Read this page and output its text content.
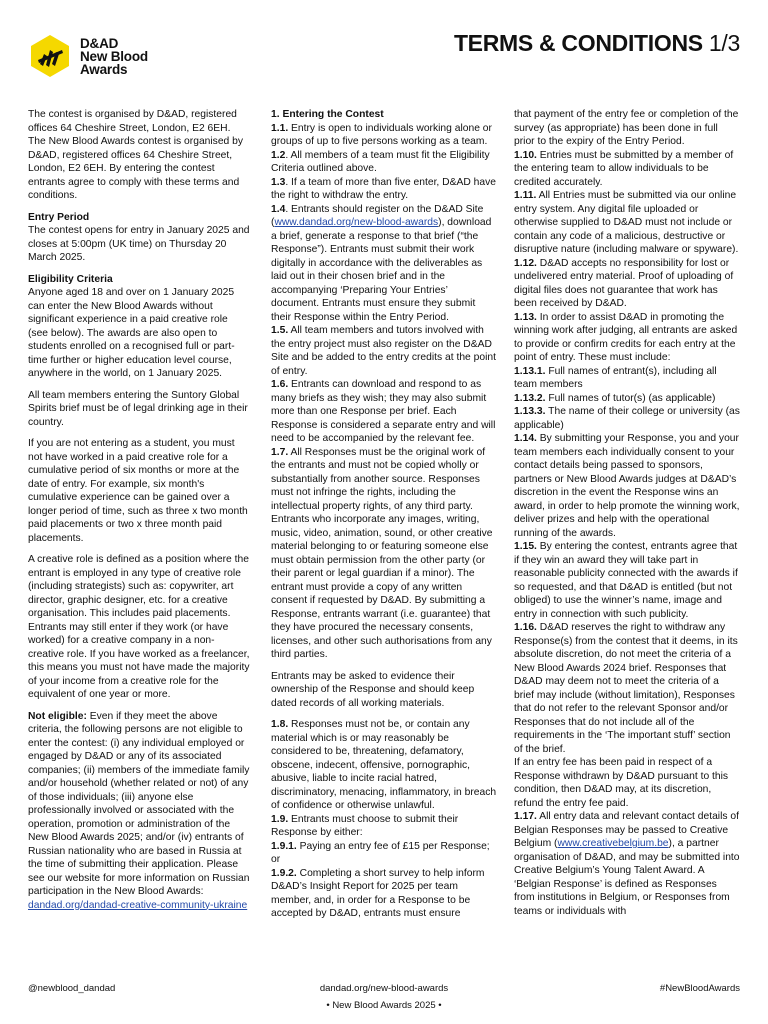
D&AD
New Blood
Awards
TERMS & CONDITIONS 1/3

The contest is organised by D&AD, registered offices 64 Cheshire Street, London, E2 6EH. The New Blood Awards contest is organised by D&AD, registered offices 64 Cheshire Street, London, E2 6EH. By entering the contest entrants agree to comply with these terms and conditions.

Entry Period

The contest opens for entry in January 2025 and closes at 5:00pm (UK time) on Thursday 20 March 2025.

Eligibility Criteria

Anyone aged 18 and over on 1 January 2025 can enter the New Blood Awards without significant experience in a paid creative role (see below). The awards are also open to students enrolled on a recognised full or part-time further or higher education level course, anywhere in the world, on 1 January 2025.

All team members entering the Suntory Global Spirits brief must be of legal drinking age in their country.

If you are not entering as a student, you must not have worked in a paid creative role for a cumulative period of six months or more at the date of entry. For example, six month's cumulative experience can be gained over a longer period of time, such as three x two month paid placements or two x three month paid placements.

A creative role is defined as a position where the entrant is employed in any type of creative role (including strategists) such as: copywriter, art director, graphic designer, etc. for a creative organisation. This includes paid placements. Entrants may still enter if they work (or have worked) for a creative company in a non-creative role. If you have worked as a freelancer, this means you must not have made the majority of your income from a creative role for the equivalent of one year or more.

Not eligible: Even if they meet the above criteria, the following persons are not eligible to enter the contest: (i) any individual employed or engaged by D&AD or any of its associated companies; (ii) members of the immediate family and/or household (whether related or not) of any of those individuals; (iii) anyone else professionally involved or associated with the operation, promotion or administration of the New Blood Awards 2025; and/or (iv) entrants of Russian nationality who are based in Russia at the time of submitting their application. Please see our website for more information on Russian participation in the New Blood Awards: dandad.org/dandad-creative-community-ukraine

1. Entering the Contest

1.1. Entry is open to individuals working alone or groups of up to five persons working as a team.

1.2. All members of a team must fit the Eligibility Criteria outlined above.

1.3. If a team of more than five enter, D&AD have the right to withdraw the entry.

1.4. Entrants should register on the D&AD Site (www.dandad.org/new-blood-awards), download a brief, generate a response to that brief (“the Response”). Entrants must submit their work digitally in accordance with the deliverables as laid out in their chosen brief and in the accompanying ‘Preparing Your Entries’ document. Entrants must ensure they submit their Response within the Entry Period.

1.5. All team members and tutors involved with the entry project must also register on the D&AD Site and be added to the entry credits at the point of entry.

1.6. Entrants can download and respond to as many briefs as they wish; they may also submit more than one Response per brief. Each Response is considered a separate entry and will need to be accompanied by the relevant fee.

1.7. All Responses must be the original work of the entrants and must not be copied wholly or substantially from another source. Responses must not infringe the rights, including the intellectual property rights, of any third party. Entrants who incorporate any images, writing, music, video, animation, sound, or other creative material belonging to or featuring someone else must obtain permission from the other party (or their parent or legal guardian if a minor). The entrant must provide a copy of any written consent if requested by D&AD. By submitting a Response, entrants warrant (i.e. guarantee) that they have procured the necessary consents, licenses, and other such authorisations from any third parties.

Entrants may be asked to evidence their ownership of the Response and should keep dated records of all working materials.

1.8. Responses must not be, or contain any material which is or may reasonably be considered to be, threatening, defamatory, obscene, indecent, offensive, pornographic, abusive, liable to incite racial hatred, discriminatory, menacing, inflammatory, in breach of confidence or otherwise unlawful.

1.9. Entrants must choose to submit their Response by either:

1.9.1. Paying an entry fee of £15 per Response; or

1.9.2. Completing a short survey to help inform D&AD’s Insight Report for 2025 per team member, and, in order for a Response to be accepted by D&AD, entrants must ensure

that payment of the entry fee or completion of the survey (as appropriate) has been done in full prior to the expiry of the Entry Period.

1.10. Entries must be submitted by a member of the entering team to allow individuals to be credited accurately.

1.11. All Entries must be submitted via our online entry system. Any digital file uploaded or otherwise supplied to D&AD must not include or contain any code of a malicious, destructive or disruptive nature (including malware or spyware).

1.12. D&AD accepts no responsibility for lost or undelivered entry material. Proof of uploading of digital files does not guarantee that work has been received by D&AD.

1.13. In order to assist D&AD in promoting the winning work after judging, all entrants are asked to provide or confirm credits for each entry at the point of entry. These must include:

1.13.1. Full names of entrant(s), including all team members

1.13.2. Full names of tutor(s) (as applicable)

1.13.3. The name of their college or university (as applicable)

1.14. By submitting your Response, you and your team members each individually consent to your contact details being passed to sponsors, partners or New Blood Awards judges at D&AD’s discretion in the event the Response wins an award, in order to help promote the winning work, deliver prizes and help with the operational running of the awards.

1.15. By entering the contest, entrants agree that if they win an award they will take part in reasonable publicity connected with the awards if so requested, and that D&AD is entitled (but not obliged) to use the winner’s name, image and entry in connection with such publicity.

1.16. D&AD reserves the right to withdraw any Response(s) from the contest that it deems, in its absolute discretion, do not meet the criteria of a New Blood Awards 2024 brief. Responses that D&AD may deem not to meet the criteria of a brief may include (without limitation), Responses that do not refer to the relevant Sponsor and/or Responses that do not include all of the requirements in the ‘The important stuff’ section of the brief.

If an entry fee has been paid in respect of a Response withdrawn by D&AD pursuant to this condition, then D&AD may, at its discretion, refund the entry fee paid.

1.17. All entry data and relevant contact details of Belgian Responses may be passed to Creative Belgium (www.creativebelgium.be), a partner organisation of D&AD, and may be submitted into Creative Belgium’s Young Talent Award. A ‘Belgian Response’ is defined as Responses from institutions in Belgium, or Responses from teams or individuals with

@newblood_dandad	dandad.org/new-blood-awards	#NewBloodAwards
• New Blood Awards 2025 •
